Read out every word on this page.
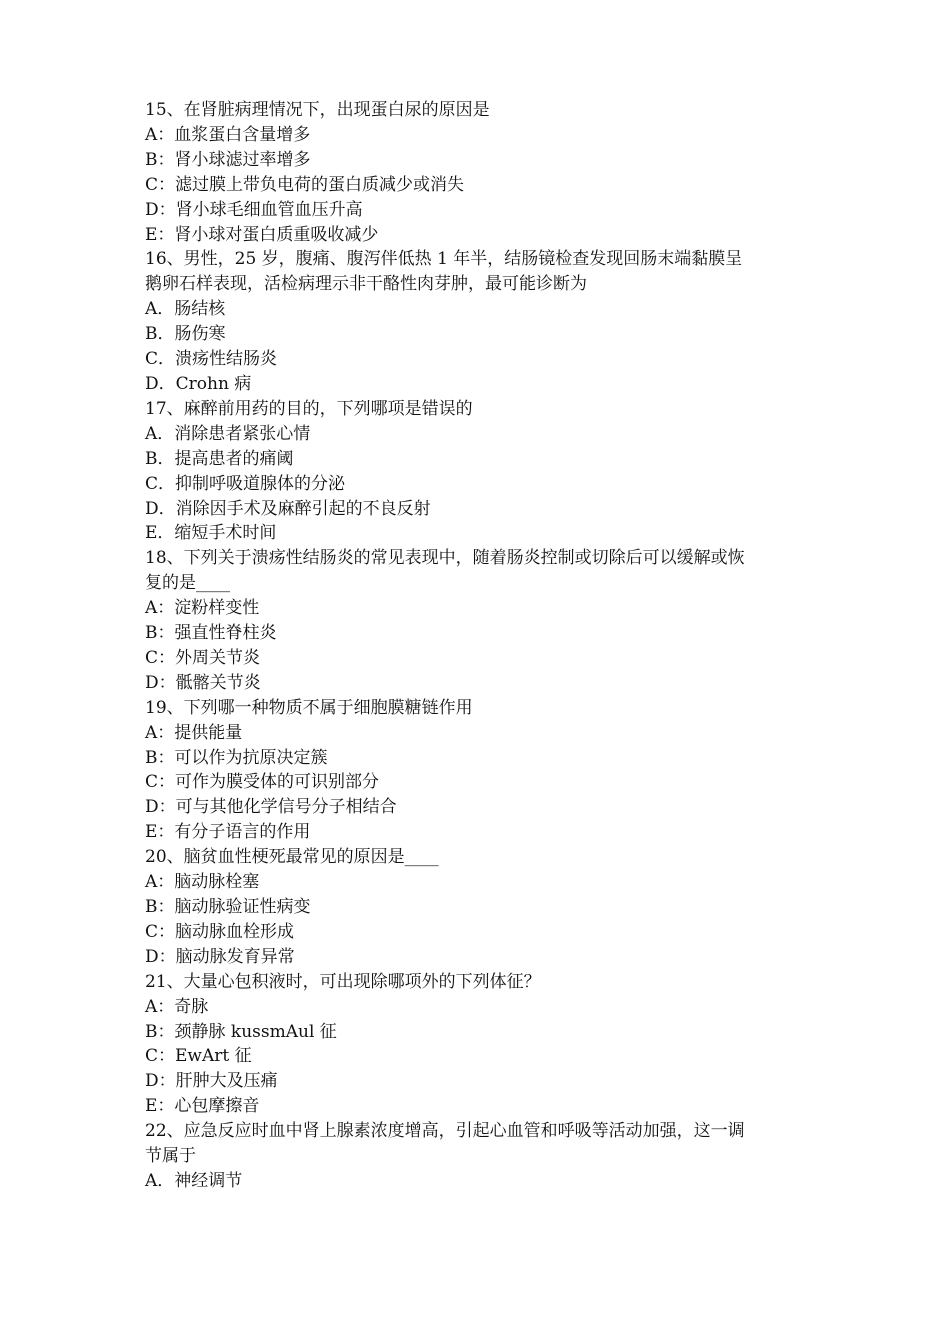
15、在肾脏病理情况下，出现蛋白尿的原因是
A：血浆蛋白含量增多
B：肾小球滤过率增多
C：滤过膜上带负电荷的蛋白质减少或消失
D：肾小球毛细血管血压升高
E：肾小球对蛋白质重吸收减少
16、男性，25 岁，腹痛、腹泻伴低热 1 年半，结肠镜检查发现回肠末端黏膜呈
鹅卵石样表现，活检病理示非干酪性肉芽肿，最可能诊断为
A．肠结核
B．肠伤寒
C．溃疡性结肠炎
D．Crohn 病
17、麻醉前用药的目的，下列哪项是错误的
A．消除患者紧张心情
B．提高患者的痛阈
C．抑制呼吸道腺体的分泌
D．消除因手术及麻醉引起的不良反射
E．缩短手术时间
18、下列关于溃疡性结肠炎的常见表现中，随着肠炎控制或切除后可以缓解或恢
复的是____
A：淀粉样变性
B：强直性脊柱炎
C：外周关节炎
D：骶髂关节炎
19、下列哪一种物质不属于细胞膜糖链作用
A：提供能量
B：可以作为抗原决定簇
C：可作为膜受体的可识别部分
D：可与其他化学信号分子相结合
E：有分子语言的作用
20、脑贫血性梗死最常见的原因是____
A：脑动脉栓塞
B：脑动脉验证性病变
C：脑动脉血栓形成
D：脑动脉发育异常
21、大量心包积液时，可出现除哪项外的下列体征？
A：奇脉
B：颈静脉 kussmAul 征
C：EwArt 征
D：肝肿大及压痛
E：心包摩擦音
22、应急反应时血中肾上腺素浓度增高，引起心血管和呼吸等活动加强，这一调
节属于
A．神经调节
